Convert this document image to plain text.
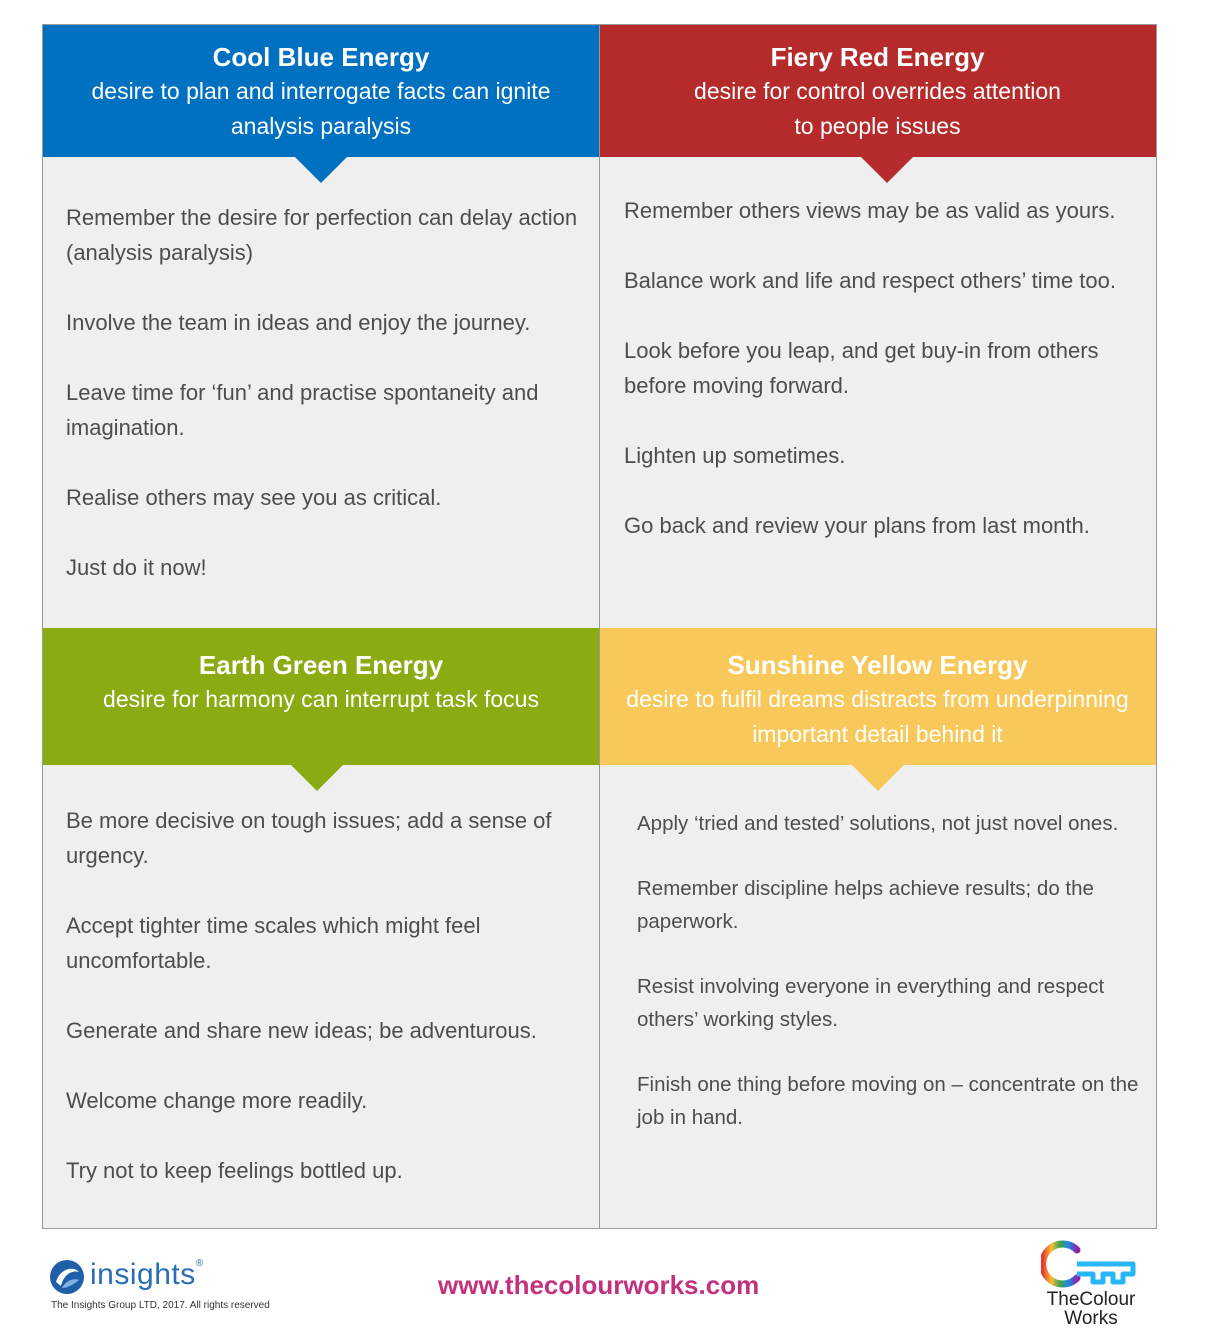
Cool Blue Energy
desire to plan and interrogate facts can ignite
analysis paralysis
Remember the desire for perfection can delay action (analysis paralysis)
Involve the team in ideas and enjoy the journey.
Leave time for ‘fun’ and practise spontaneity and imagination.
Realise others may see you as critical.
Just do it now!
Fiery Red Energy
desire for control overrides attention
to people issues
Remember others views may be as valid as yours.
Balance work and life and respect others’ time too.
Look before you leap, and get buy-in from others before moving forward.
Lighten up sometimes.
Go back and review your plans from last month.
Earth Green Energy
desire for harmony can interrupt task focus
Be more decisive on tough issues; add a sense of urgency.
Accept tighter time scales which might feel uncomfortable.
Generate and share new ideas; be adventurous.
Welcome change more readily.
Try not to keep feelings bottled up.
Sunshine Yellow Energy
desire to fulfil dreams distracts from underpinning
important detail behind it
Apply ‘tried and tested’ solutions, not just novel ones.
Remember discipline helps achieve results; do the paperwork.
Resist involving everyone in everything and respect others’ working styles.
Finish one thing before moving on – concentrate on the job in hand.
insights®
The Insights Group LTD, 2017. All rights reserved
www.thecolourworks.com	TheColour
Works
